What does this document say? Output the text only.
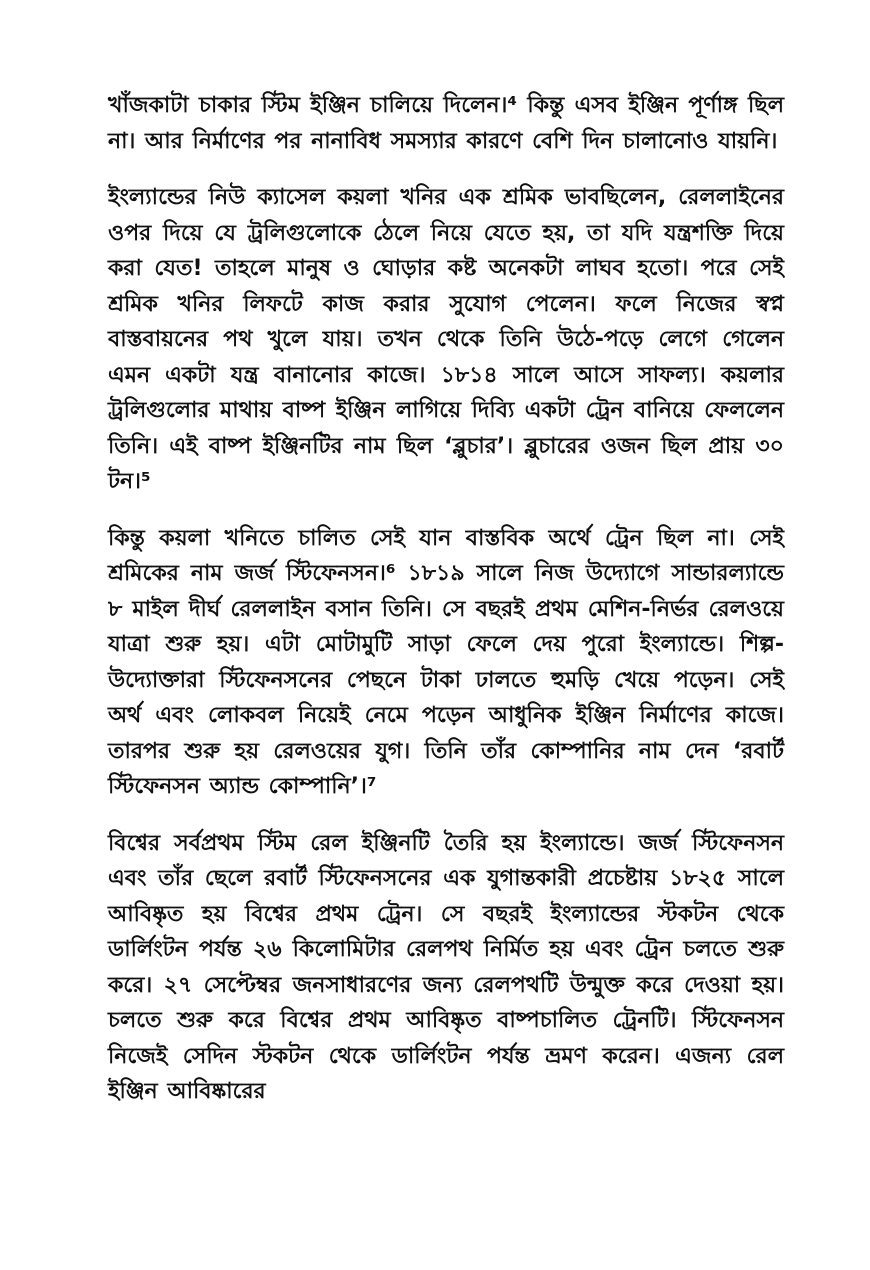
খাঁজকাটা চাকার স্টিম ইঞ্জিন চালিয়ে দিলেন।⁴ কিন্তু এসব ইঞ্জিন পূর্ণাঙ্গ ছিল না। আর নির্মাণের পর নানাবিধ সমস্যার কারণে বেশি দিন চালানোও যায়নি।

ইংল্যান্ডের নিউ ক্যাসেল কয়লা খনির এক শ্রমিক ভাবছিলেন, রেললাইনের ওপর দিয়ে যে ট্রলিগুলোকে ঠেলে নিয়ে যেতে হয়, তা যদি যন্ত্রশক্তি দিয়ে করা যেত! তাহলে মানুষ ও ঘোড়ার কষ্ট অনেকটা লাঘব হতো। পরে সেই শ্রমিক খনির লিফটে কাজ করার সুযোগ পেলেন। ফলে নিজের স্বপ্ন বাস্তবায়নের পথ খুলে যায়। তখন থেকে তিনি উঠে-পড়ে লেগে গেলেন এমন একটা যন্ত্র বানানোর কাজে। ১৮১৪ সালে আসে সাফল্য। কয়লার ট্রলিগুলোর মাথায় বাষ্প ইঞ্জিন লাগিয়ে দিব্যি একটা ট্রেন বানিয়ে ফেললেন তিনি। এই বাষ্প ইঞ্জিনটির নাম ছিল ‘ব্লুচার’। ব্লুচারের ওজন ছিল প্রায় ৩০ টন।⁵

কিন্তু কয়লা খনিতে চালিত সেই যান বাস্তবিক অর্থে ট্রেন ছিল না। সেই শ্রমিকের নাম জর্জ স্টিফেনসন।⁶ ১৮১৯ সালে নিজ উদ্যোগে সান্ডারল্যান্ডে ৮ মাইল দীর্ঘ রেললাইন বসান তিনি। সে বছরই প্রথম মেশিন-নির্ভর রেলওয়ে যাত্রা শুরু হয়। এটা মোটামুটি সাড়া ফেলে দেয় পুরো ইংল্যান্ডে। শিল্প-উদ্যোক্তারা স্টিফেনসনের পেছনে টাকা ঢালতে হুমড়ি খেয়ে পড়েন। সেই অর্থ এবং লোকবল নিয়েই নেমে পড়েন আধুনিক ইঞ্জিন নির্মাণের কাজে। তারপর শুরু হয় রেলওয়ের যুগ। তিনি তাঁর কোম্পানির নাম দেন ‘রবার্ট স্টিফেনসন অ্যান্ড কোম্পানি’।⁷

বিশ্বের সর্বপ্রথম স্টিম রেল ইঞ্জিনটি তৈরি হয় ইংল্যান্ডে। জর্জ স্টিফেনসন এবং তাঁর ছেলে রবার্ট স্টিফেনসনের এক যুগান্তকারী প্রচেষ্টায় ১৮২৫ সালে আবিষ্কৃত হয় বিশ্বের প্রথম ট্রেন। সে বছরই ইংল্যান্ডের স্টকটন থেকে ডার্লিংটন পর্যন্ত ২৬ কিলোমিটার রেলপথ নির্মিত হয় এবং ট্রেন চলতে শুরু করে। ২৭ সেপ্টেম্বর জনসাধারণের জন্য রেলপথটি উন্মুক্ত করে দেওয়া হয়। চলতে শুরু করে বিশ্বের প্রথম আবিষ্কৃত বাষ্পচালিত ট্রেনটি। স্টিফেনসন নিজেই সেদিন স্টকটন থেকে ডার্লিংটন পর্যন্ত ভ্রমণ করেন। এজন্য রেল ইঞ্জিন আবিষ্কারের
